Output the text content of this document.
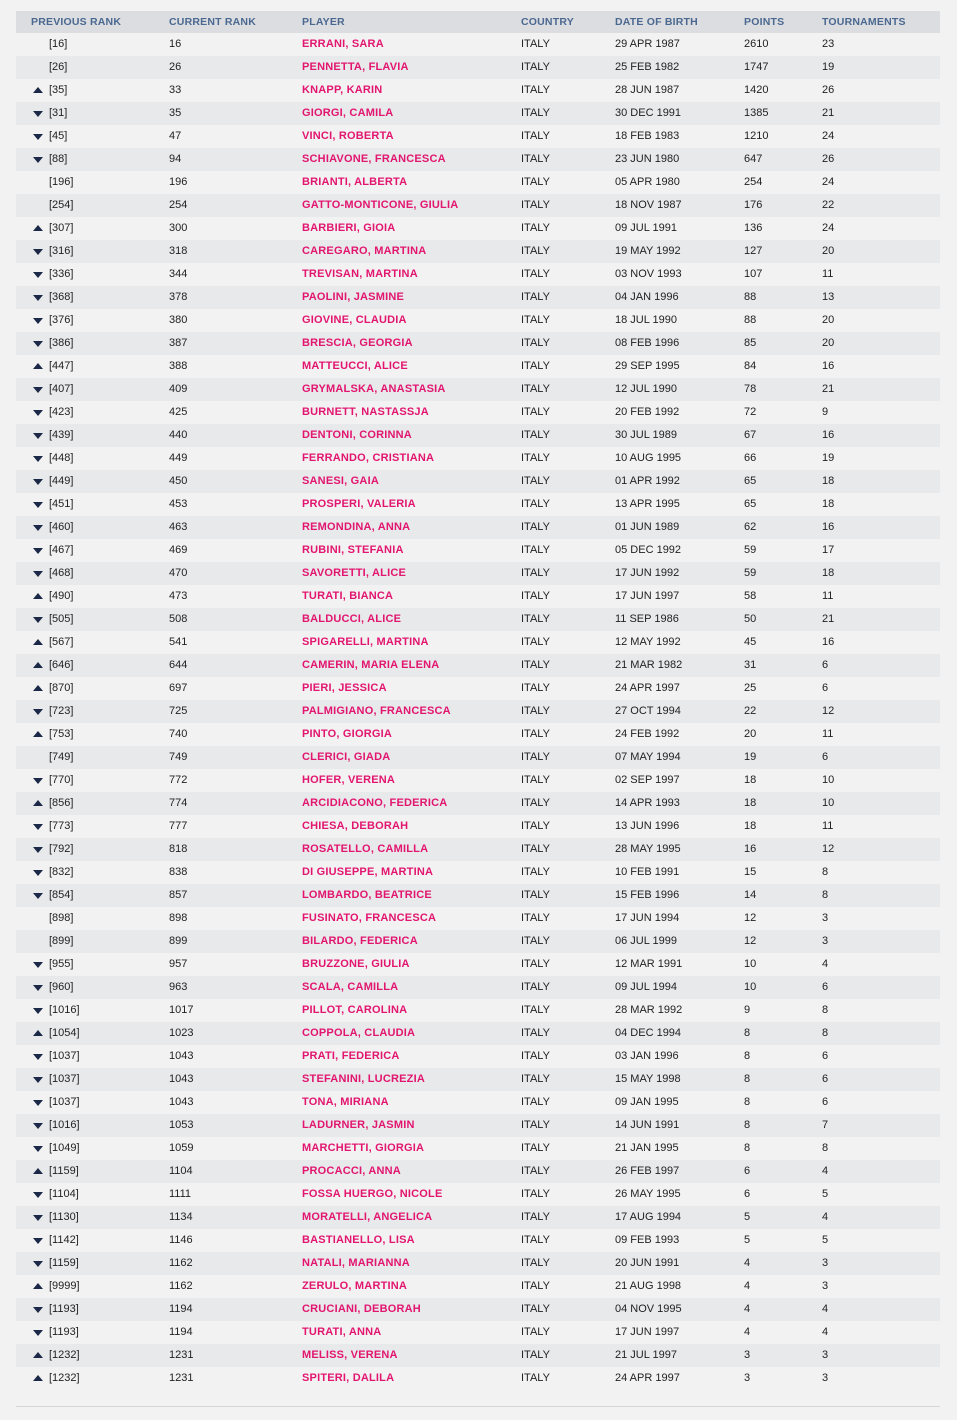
PREVIOUS RANK	CURRENT RANK	PLAYER	COUNTRY	DATE OF BIRTH	POINTS	TOURNAMENTS
[16]	16	ERRANI, SARA	ITALY	29 APR 1987	2610	23
[26]	26	PENNETTA, FLAVIA	ITALY	25 FEB 1982	1747	19
[35]	33	KNAPP, KARIN	ITALY	28 JUN 1987	1420	26
[31]	35	GIORGI, CAMILA	ITALY	30 DEC 1991	1385	21
[45]	47	VINCI, ROBERTA	ITALY	18 FEB 1983	1210	24
[88]	94	SCHIAVONE, FRANCESCA	ITALY	23 JUN 1980	647	26
[196]	196	BRIANTI, ALBERTA	ITALY	05 APR 1980	254	24
[254]	254	GATTO-MONTICONE, GIULIA	ITALY	18 NOV 1987	176	22
[307]	300	BARBIERI, GIOIA	ITALY	09 JUL 1991	136	24
[316]	318	CAREGARO, MARTINA	ITALY	19 MAY 1992	127	20
[336]	344	TREVISAN, MARTINA	ITALY	03 NOV 1993	107	11
[368]	378	PAOLINI, JASMINE	ITALY	04 JAN 1996	88	13
[376]	380	GIOVINE, CLAUDIA	ITALY	18 JUL 1990	88	20
[386]	387	BRESCIA, GEORGIA	ITALY	08 FEB 1996	85	20
[447]	388	MATTEUCCI, ALICE	ITALY	29 SEP 1995	84	16
[407]	409	GRYMALSKA, ANASTASIA	ITALY	12 JUL 1990	78	21
[423]	425	BURNETT, NASTASSJA	ITALY	20 FEB 1992	72	9
[439]	440	DENTONI, CORINNA	ITALY	30 JUL 1989	67	16
[448]	449	FERRANDO, CRISTIANA	ITALY	10 AUG 1995	66	19
[449]	450	SANESI, GAIA	ITALY	01 APR 1992	65	18
[451]	453	PROSPERI, VALERIA	ITALY	13 APR 1995	65	18
[460]	463	REMONDINA, ANNA	ITALY	01 JUN 1989	62	16
[467]	469	RUBINI, STEFANIA	ITALY	05 DEC 1992	59	17
[468]	470	SAVORETTI, ALICE	ITALY	17 JUN 1992	59	18
[490]	473	TURATI, BIANCA	ITALY	17 JUN 1997	58	11
[505]	508	BALDUCCI, ALICE	ITALY	11 SEP 1986	50	21
[567]	541	SPIGARELLI, MARTINA	ITALY	12 MAY 1992	45	16
[646]	644	CAMERIN, MARIA ELENA	ITALY	21 MAR 1982	31	6
[870]	697	PIERI, JESSICA	ITALY	24 APR 1997	25	6
[723]	725	PALMIGIANO, FRANCESCA	ITALY	27 OCT 1994	22	12
[753]	740	PINTO, GIORGIA	ITALY	24 FEB 1992	20	11
[749]	749	CLERICI, GIADA	ITALY	07 MAY 1994	19	6
[770]	772	HOFER, VERENA	ITALY	02 SEP 1997	18	10
[856]	774	ARCIDIACONO, FEDERICA	ITALY	14 APR 1993	18	10
[773]	777	CHIESA, DEBORAH	ITALY	13 JUN 1996	18	11
[792]	818	ROSATELLO, CAMILLA	ITALY	28 MAY 1995	16	12
[832]	838	DI GIUSEPPE, MARTINA	ITALY	10 FEB 1991	15	8
[854]	857	LOMBARDO, BEATRICE	ITALY	15 FEB 1996	14	8
[898]	898	FUSINATO, FRANCESCA	ITALY	17 JUN 1994	12	3
[899]	899	BILARDO, FEDERICA	ITALY	06 JUL 1999	12	3
[955]	957	BRUZZONE, GIULIA	ITALY	12 MAR 1991	10	4
[960]	963	SCALA, CAMILLA	ITALY	09 JUL 1994	10	6
[1016]	1017	PILLOT, CAROLINA	ITALY	28 MAR 1992	9	8
[1054]	1023	COPPOLA, CLAUDIA	ITALY	04 DEC 1994	8	8
[1037]	1043	PRATI, FEDERICA	ITALY	03 JAN 1996	8	6
[1037]	1043	STEFANINI, LUCREZIA	ITALY	15 MAY 1998	8	6
[1037]	1043	TONA, MIRIANA	ITALY	09 JAN 1995	8	6
[1016]	1053	LADURNER, JASMIN	ITALY	14 JUN 1991	8	7
[1049]	1059	MARCHETTI, GIORGIA	ITALY	21 JAN 1995	8	8
[1159]	1104	PROCACCI, ANNA	ITALY	26 FEB 1997	6	4
[1104]	1111	FOSSA HUERGO, NICOLE	ITALY	26 MAY 1995	6	5
[1130]	1134	MORATELLI, ANGELICA	ITALY	17 AUG 1994	5	4
[1142]	1146	BASTIANELLO, LISA	ITALY	09 FEB 1993	5	5
[1159]	1162	NATALI, MARIANNA	ITALY	20 JUN 1991	4	3
[9999]	1162	ZERULO, MARTINA	ITALY	21 AUG 1998	4	3
[1193]	1194	CRUCIANI, DEBORAH	ITALY	04 NOV 1995	4	4
[1193]	1194	TURATI, ANNA	ITALY	17 JUN 1997	4	4
[1232]	1231	MELISS, VERENA	ITALY	21 JUL 1997	3	3
[1232]	1231	SPITERI, DALILA	ITALY	24 APR 1997	3	3
